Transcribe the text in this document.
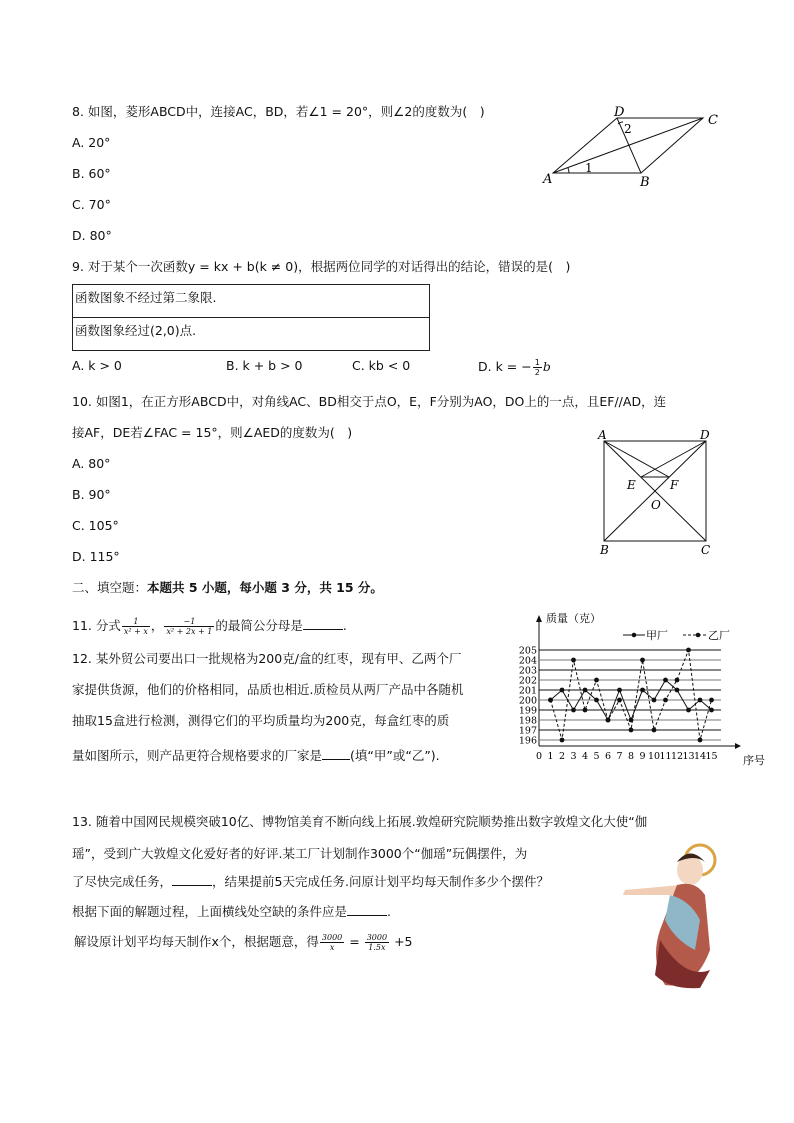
8. 如图，菱形ABCD中，连接AC，BD，若∠1 = 20°，则∠2的度数为(　)
A. 20°
B. 60°
C. 70°
D. 80°
A	B
C
D
1
2
9. 对于某个一次函数y = kx + b(k ≠ 0)，根据两位同学的对话得出的结论，错误的是(　)
函数图象不经过第二象限.
函数图象经过(2,0)点.
A. k > 0	B. k + b > 0	C. kb < 0	D. k = − $\frac{1}{2}$ b
10. 如图1，在正方形ABCD中，对角线AC、BD相交于点O，E，F分别为AO，DO上的一点，且EF//AD，连
接AF，DE若∠FAC = 15°，则∠AED的度数为(　)
A. 80°
B. 90°
C. 105°
D. 115°
A	D
B	C
E	F
O
二、填空题：本题共 5 小题，每小题 3 分，共 15 分。
11. 分式 $\frac{1}{\text{x² + x}}$ ， $\frac{-1}{\text{x² + 2x + 1}}$ 的最简公分母是	.
12. 某外贸公司要出口一批规格为200克/盒的红枣，现有甲、乙两个厂
家提供货源，他们的价格相同，品质也相近.质检员从两厂产品中各随机
抽取15盒进行检测，测得它们的平均质量均为200克，每盒红枣的质
量如图所示，则产品更符合规格要求的厂家是 (填“甲”或“乙”).
196
197
198
199
200
201
202
203
204
205
0 1 2 3 4 5 6 7 8 9 10 11 12 13 14 15
质量（克）
序号
甲厂	乙厂
13. 随着中国网民规模突破10亿、博物馆美育不断向线上拓展.敦煌研究院顺势推出数字敦煌文化大使“伽
瑶”，受到广大敦煌文化爱好者的好评.某工厂计划制作3000个“伽瑶”玩偶摆件，为
了尽快完成任务，	，结果提前5天完成任务.问原计划平均每天制作多少个摆件？
根据下面的解题过程，上面横线处空缺的条件应是	.
解设原计划平均每天制作x个，根据题意，得 $\frac{3000}{x} = \frac{3000}{1.5x} +5$
